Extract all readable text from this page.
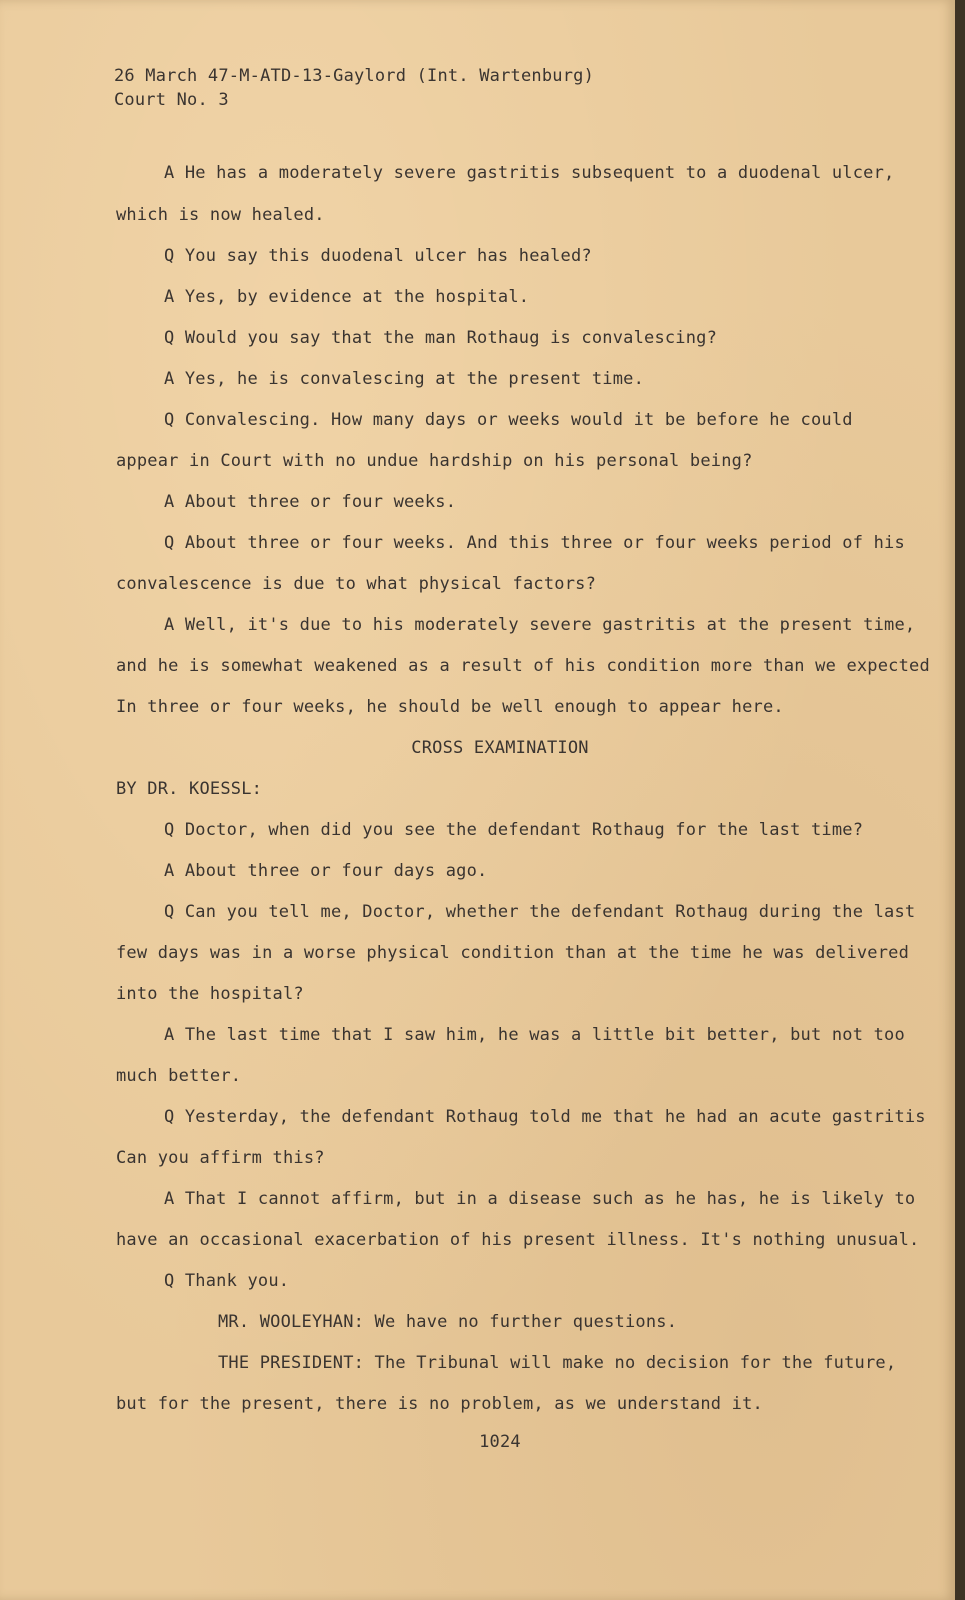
26 March 47-M-ATD-13-Gaylord (Int. Wartenburg)
Court No. 3
A He has a moderately severe gastritis subsequent to a duodenal ulcer,
which is now healed.
Q You say this duodenal ulcer has healed?
A Yes, by evidence at the hospital.
Q Would you say that the man Rothaug is convalescing?
A Yes, he is convalescing at the present time.
Q Convalescing. How many days or weeks would it be before he could
appear in Court with no undue hardship on his personal being?
A About three or four weeks.
Q About three or four weeks. And this three or four weeks period of his
convalescence is due to what physical factors?
A Well, it's due to his moderately severe gastritis at the present time,
and he is somewhat weakened as a result of his condition more than we expected
In three or four weeks, he should be well enough to appear here.
CROSS EXAMINATION
BY DR. KOESSL:
Q Doctor, when did you see the defendant Rothaug for the last time?
A About three or four days ago.
Q Can you tell me, Doctor, whether the defendant Rothaug during the last
few days was in a worse physical condition than at the time he was delivered
into the hospital?
A The last time that I saw him, he was a little bit better, but not too
much better.
Q Yesterday, the defendant Rothaug told me that he had an acute gastritis
Can you affirm this?
A That I cannot affirm, but in a disease such as he has, he is likely to
have an occasional exacerbation of his present illness. It's nothing unusual.
Q Thank you.
MR. WOOLEYHAN: We have no further questions.
THE PRESIDENT: The Tribunal will make no decision for the future,
but for the present, there is no problem, as we understand it.
1024
